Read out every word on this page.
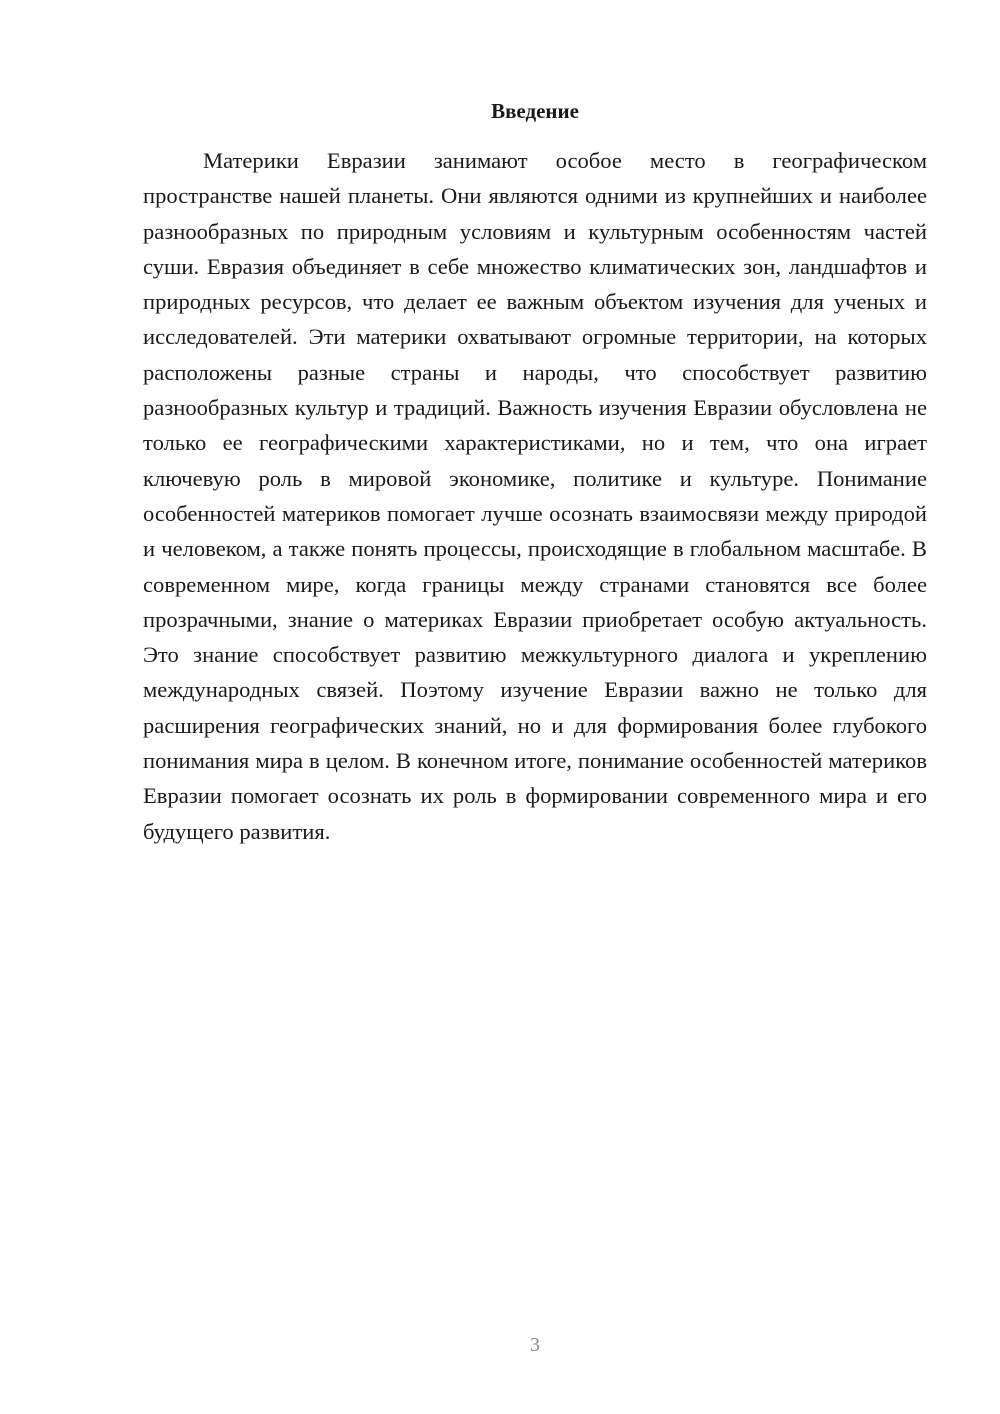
Введение

Материки Евразии занимают особое место в географическом пространстве нашей планеты. Они являются одними из крупнейших и наиболее разнообразных по природным условиям и культурным особенностям частей суши. Евразия объединяет в себе множество климатических зон, ландшафтов и природных ресурсов, что делает ее важным объектом изучения для ученых и исследователей. Эти материки охватывают огромные территории, на которых расположены разные страны и народы, что способствует развитию разнообразных культур и традиций. Важность изучения Евразии обусловлена не только ее географическими характеристиками, но и тем, что она играет ключевую роль в мировой экономике, политике и культуре. Понимание особенностей материков помогает лучше осознать взаимосвязи между природой и человеком, а также понять процессы, происходящие в глобальном масштабе. В современном мире, когда границы между странами становятся все более прозрачными, знание о материках Евразии приобретает особую актуальность. Это знание способствует развитию межкультурного диалога и укреплению международных связей. Поэтому изучение Евразии важно не только для расширения географических знаний, но и для формирования более глубокого понимания мира в целом. В конечном итоге, понимание особенностей материков Евразии помогает осознать их роль в формировании современного мира и его будущего развития.

3
